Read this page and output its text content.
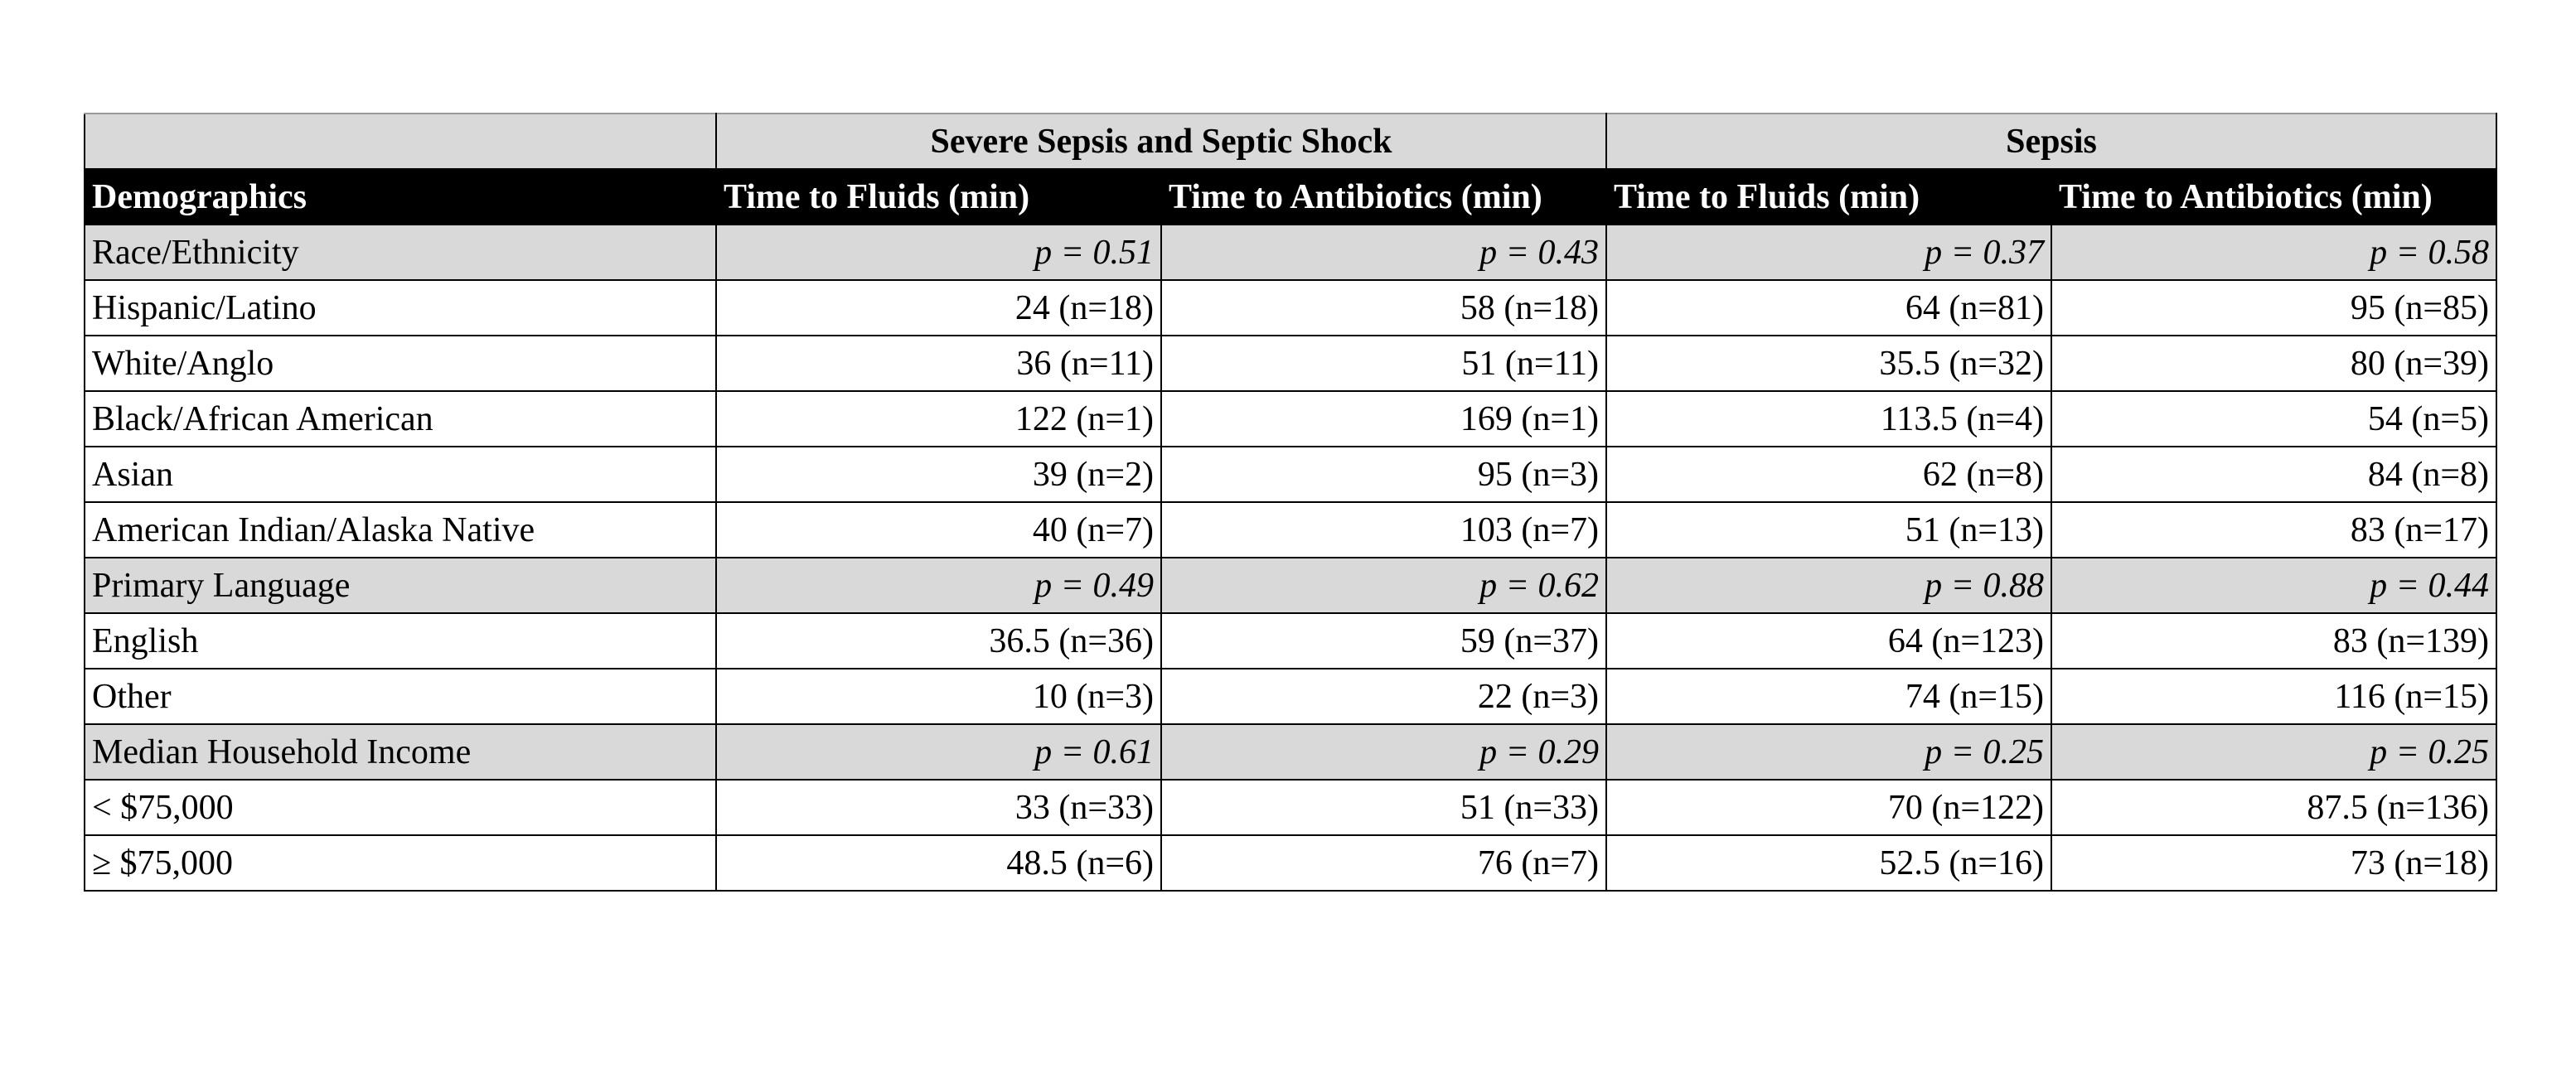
	Severe Sepsis and Septic Shock		Sepsis	
Demographics	Time to Fluids (min)	Time to Antibiotics (min)	Time to Fluids (min)	Time to Antibiotics (min)
Race/Ethnicity	p = 0.51	p = 0.43	p = 0.37	p = 0.58
Hispanic/Latino	24 (n=18)	58 (n=18)	64 (n=81)	95 (n=85)
White/Anglo	36 (n=11)	51 (n=11)	35.5 (n=32)	80 (n=39)
Black/African American	122 (n=1)	169 (n=1)	113.5 (n=4)	54 (n=5)
Asian	39 (n=2)	95 (n=3)	62 (n=8)	84 (n=8)
American Indian/Alaska Native	40 (n=7)	103 (n=7)	51 (n=13)	83 (n=17)
Primary Language	p = 0.49	p = 0.62	p = 0.88	p = 0.44
English	36.5 (n=36)	59 (n=37)	64 (n=123)	83 (n=139)
Other	10 (n=3)	22 (n=3)	74 (n=15)	116 (n=15)
Median Household Income	p = 0.61	p = 0.29	p = 0.25	p = 0.25
< $75,000	33 (n=33)	51 (n=33)	70 (n=122)	87.5 (n=136)
≥ $75,000	48.5 (n=6)	76 (n=7)	52.5 (n=16)	73 (n=18)
